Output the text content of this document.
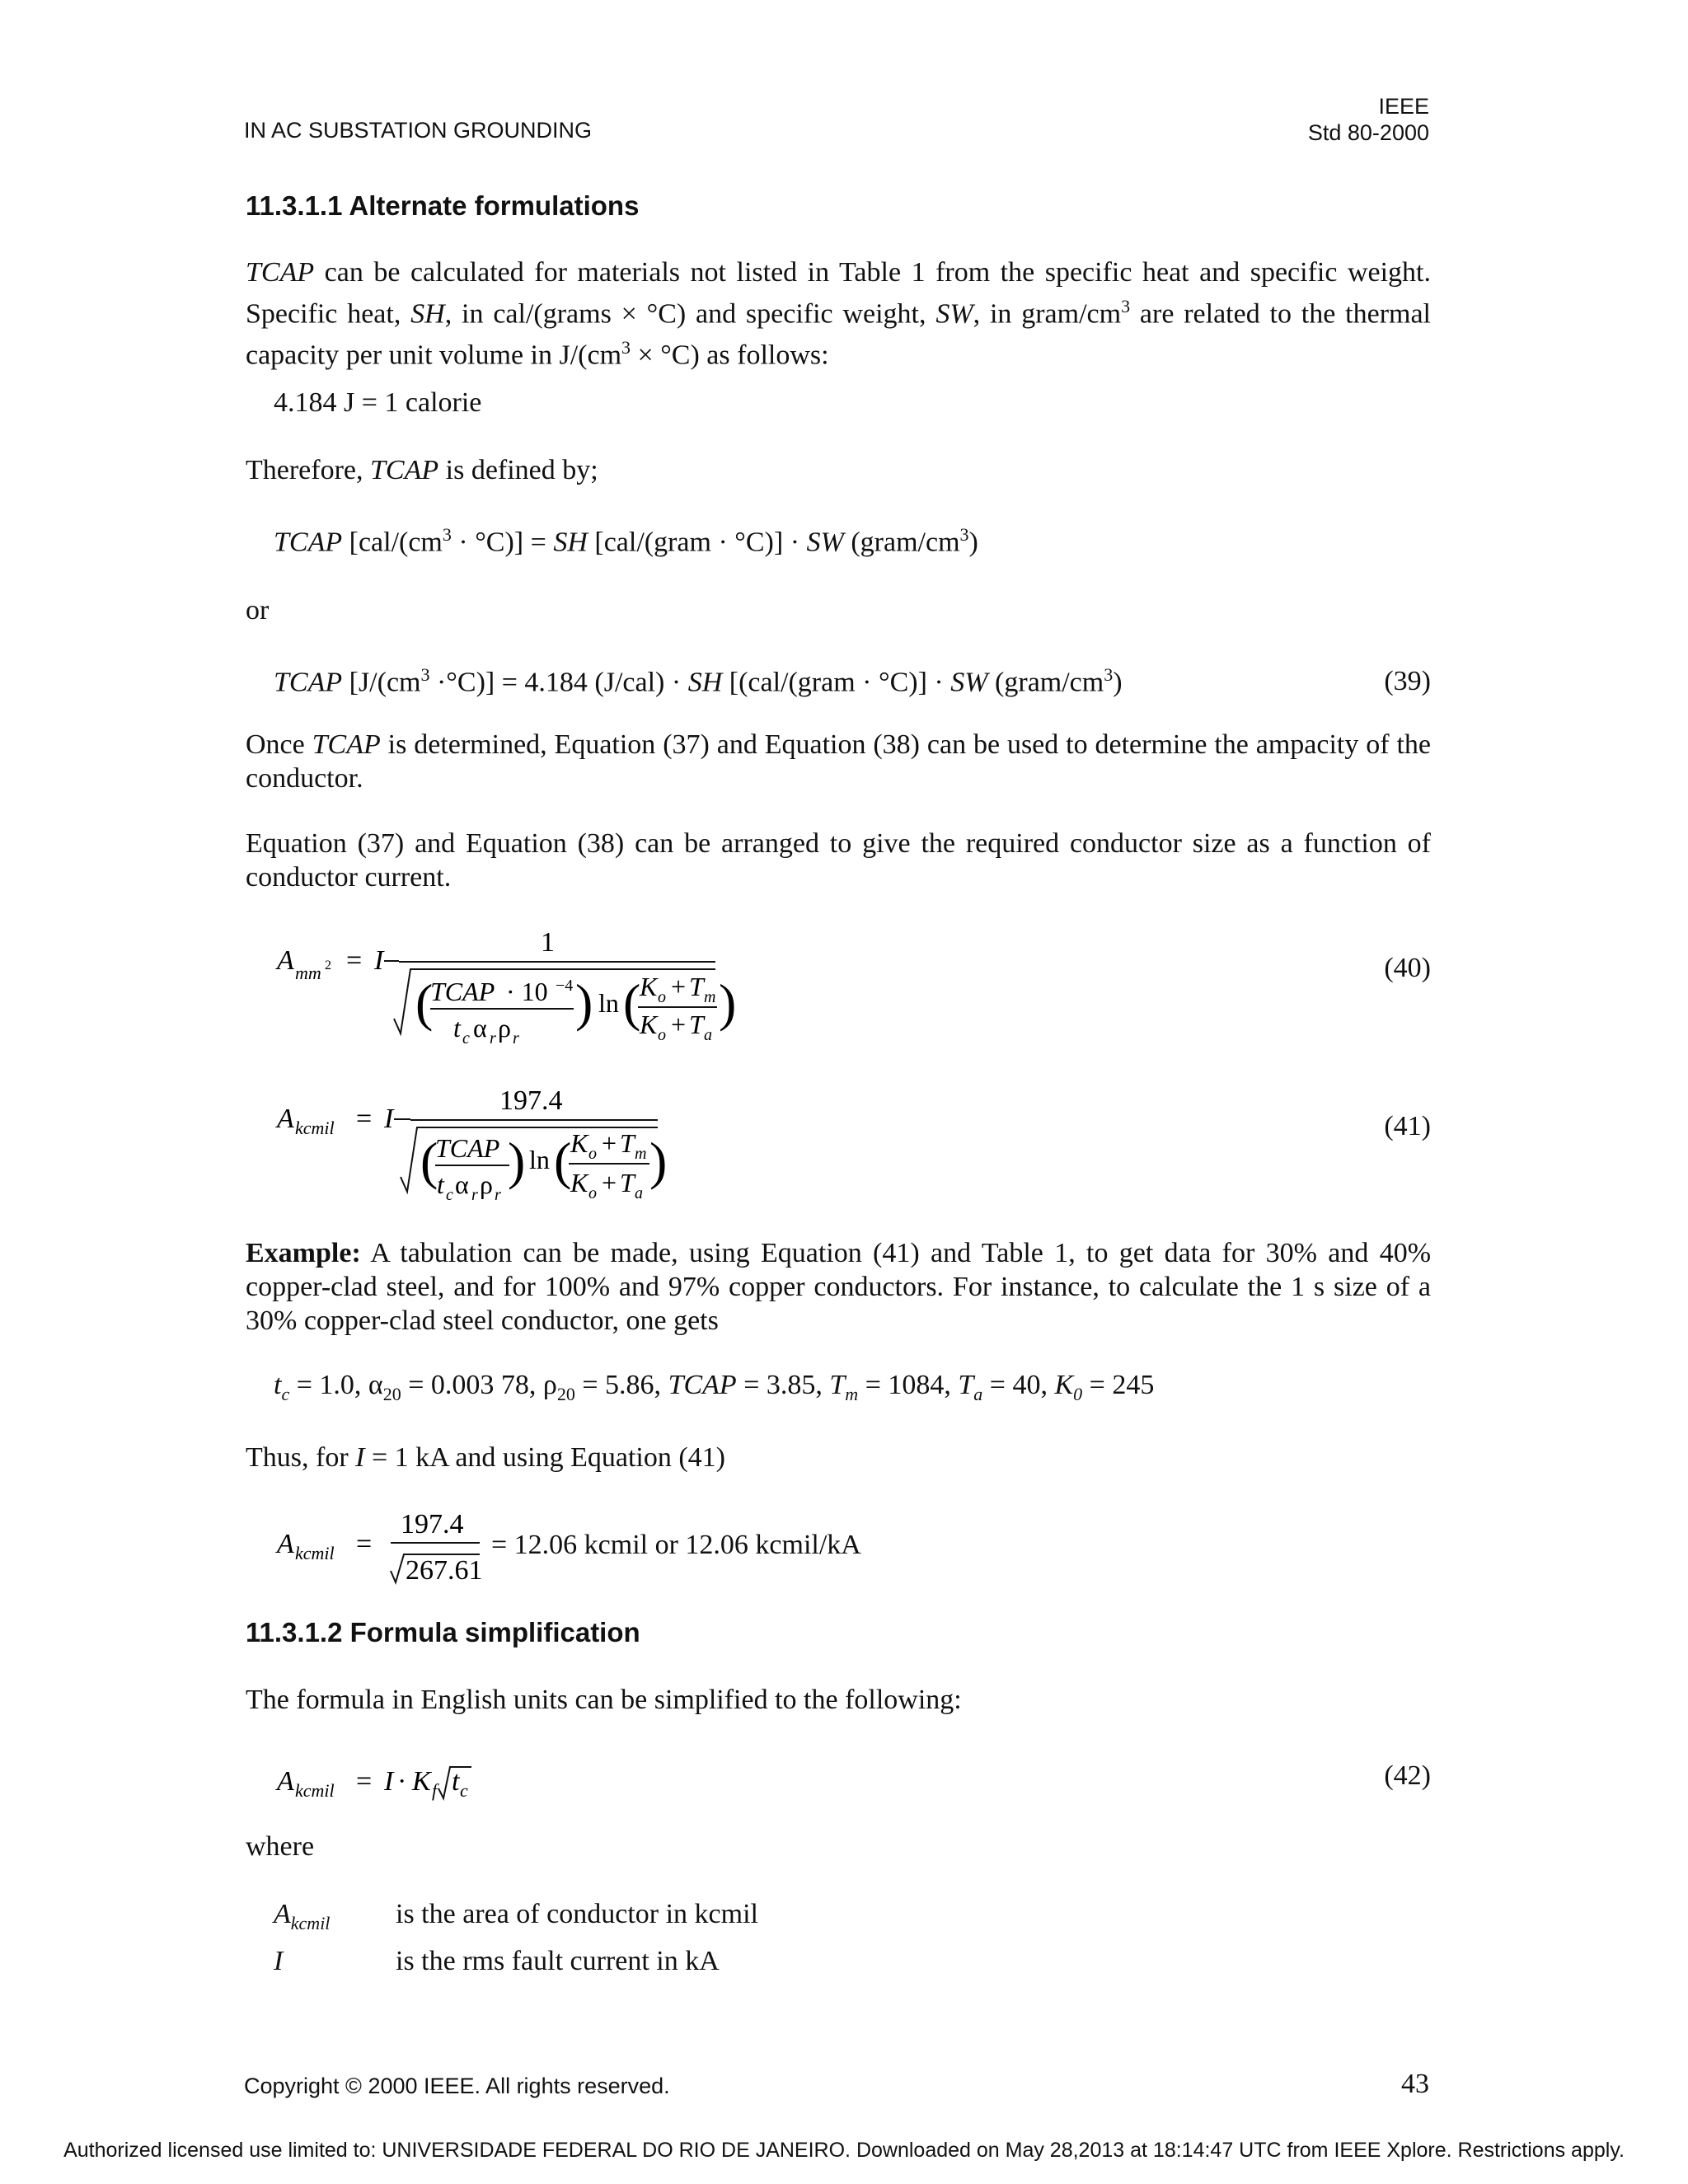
IN AC SUBSTATION GROUNDING
IEEE
Std 80-2000
11.3.1.1 Alternate formulations
TCAP can be calculated for materials not listed in Table 1 from the specific heat and specific weight. Specific heat, SH, in cal/(grams × °C) and specific weight, SW, in gram/$cm^3$ are related to the thermal capacity per unit volume in $J/(cm^3 \times ^\circ C)$ as follows:
4.184 J = 1 calorie
Therefore, TCAP is defined by;
TCAP $[cal/(cm^3 \cdot ^\circ C)]$ = SH [cal/(gram · °C)] · SW $(gram/cm^3)$
or
TCAP $[J/(cm^3 \cdot^\circ C)] = 4.184$ (J/cal) · SH [(cal/(gram · °C)] · SW $(gram/cm^3)$	(39)
Once TCAP is determined, Equation (37) and Equation (38) can be used to determine the ampacity of the conductor.
Equation (37) and Equation (38) can be arranged to give the required conductor size as a function of conductor current.
A mm 2 = I
1
(
TCAP · 10 −4
t c α r ρ r
) ln (
K o + T m
K o + T a
)
(40)
A kcmil = I
197.4
(
TCAP
t c α r ρ r
) ln (
K o + T m
K o + T a
)
(41)
Example: A tabulation can be made, using Equation (41) and Table 1, to get data for 30% and 40% copper-clad steel, and for 100% and 97% copper conductors. For instance, to calculate the 1 s size of a 30% copper-clad steel conductor, one gets
$t_c = 1.0$, $\alpha_{20} = 0.003$ 78, $\rho_{20} = 5.86$, TCAP = 3.85, $T_m = 1084$, $T_a = 40$, $K_0 = 245$
Thus, for I = 1 kA and using Equation (41)
A kcmil =
197.4
267.61
= 12.06 kcmil or 12.06 kcmil/kA
11.3.1.2 Formula simplification
The formula in English units can be simplified to the following:
A kcmil = I · K f t c	(42)
where
$A_{kcmil}$	is the area of conductor in kcmil
I	is the rms fault current in kA
Copyright © 2000 IEEE. All rights reserved.	43
Authorized licensed use limited to: UNIVERSIDADE FEDERAL DO RIO DE JANEIRO. Downloaded on May 28,2013 at 18:14:47 UTC from IEEE Xplore. Restrictions apply.
